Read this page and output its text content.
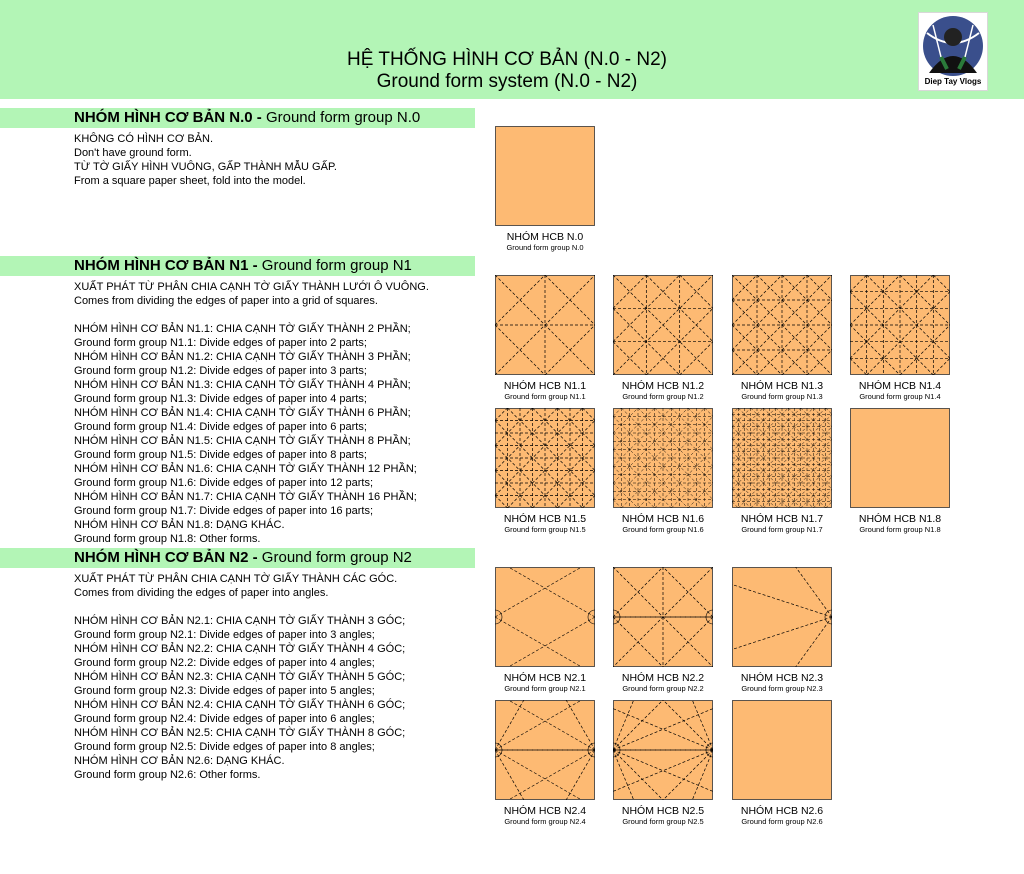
HỆ THỐNG HÌNH CƠ BẢN (N.0 - N2)
Ground form system (N.0 - N2)	Diep Tay Vlogs
NHÓM HÌNH CƠ BẢN N.0 - Ground form group N.0
KHÔNG CÓ HÌNH CƠ BẢN.
Don't have ground form.
TỪ TỜ GIẤY HÌNH VUÔNG, GẤP THÀNH MẪU GẤP.
From a square paper sheet, fold into the model.
NHÓM HÌNH CƠ BẢN N1 - Ground form group N1
XUẤT PHÁT TỪ PHÂN CHIA CẠNH TỜ GIẤY THÀNH LƯỚI Ô VUÔNG.
Comes from dividing the edges of paper into a grid of squares.
NHÓM HÌNH CƠ BẢN N1.1: CHIA CẠNH TỜ GIẤY THÀNH 2 PHẦN;
Ground form group N1.1: Divide edges of paper into 2 parts;
NHÓM HÌNH CƠ BẢN N1.2: CHIA CẠNH TỜ GIẤY THÀNH 3 PHẦN;
Ground form group N1.2: Divide edges of paper into 3 parts;
NHÓM HÌNH CƠ BẢN N1.3: CHIA CẠNH TỜ GIẤY THÀNH 4 PHẦN;
Ground form group N1.3: Divide edges of paper into 4 parts;
NHÓM HÌNH CƠ BẢN N1.4: CHIA CẠNH TỜ GIẤY THÀNH 6 PHẦN;
Ground form group N1.4: Divide edges of paper into 6 parts;
NHÓM HÌNH CƠ BẢN N1.5: CHIA CẠNH TỜ GIẤY THÀNH 8 PHẦN;
Ground form group N1.5: Divide edges of paper into 8 parts;
NHÓM HÌNH CƠ BẢN N1.6: CHIA CẠNH TỜ GIẤY THÀNH 12 PHẦN;
Ground form group N1.6: Divide edges of paper into 12 parts;
NHÓM HÌNH CƠ BẢN N1.7: CHIA CẠNH TỜ GIẤY THÀNH 16 PHẦN;
Ground form group N1.7: Divide edges of paper into 16 parts;
NHÓM HÌNH CƠ BẢN N1.8: DẠNG KHÁC.
Ground form group N1.8: Other forms.
NHÓM HÌNH CƠ BẢN N2 - Ground form group N2
XUẤT PHÁT TỪ PHÂN CHIA CẠNH TỜ GIẤY THÀNH CÁC GÓC.
Comes from dividing the edges of paper into angles.
NHÓM HÌNH CƠ BẢN N2.1: CHIA CẠNH TỜ GIẤY THÀNH 3 GÓC;
Ground form group N2.1: Divide edges of paper into 3 angles;
NHÓM HÌNH CƠ BẢN N2.2: CHIA CẠNH TỜ GIẤY THÀNH 4 GÓC;
Ground form group N2.2: Divide edges of paper into 4 angles;
NHÓM HÌNH CƠ BẢN N2.3: CHIA CẠNH TỜ GIẤY THÀNH 5 GÓC;
Ground form group N2.3: Divide edges of paper into 5 angles;
NHÓM HÌNH CƠ BẢN N2.4: CHIA CẠNH TỜ GIẤY THÀNH 6 GÓC;
Ground form group N2.4: Divide edges of paper into 6 angles;
NHÓM HÌNH CƠ BẢN N2.5: CHIA CẠNH TỜ GIẤY THÀNH 8 GÓC;
Ground form group N2.5: Divide edges of paper into 8 angles;
NHÓM HÌNH CƠ BẢN N2.6: DẠNG KHÁC.
Ground form group N2.6: Other forms.
NHÓM HCB N.0
Ground form group N.0
NHÓM HCB N1.1
Ground form group N1.1
NHÓM HCB N1.2
Ground form group N1.2
NHÓM HCB N1.3
Ground form group N1.3
NHÓM HCB N1.4
Ground form group N1.4
NHÓM HCB N1.5
Ground form group N1.5
NHÓM HCB N1.6
Ground form group N1.6
NHÓM HCB N1.7
Ground form group N1.7
NHÓM HCB N1.8
Ground form group N1.8
NHÓM HCB N2.1
Ground form group N2.1
NHÓM HCB N2.2
Ground form group N2.2
NHÓM HCB N2.3
Ground form group N2.3
NHÓM HCB N2.4
Ground form group N2.4
NHÓM HCB N2.5
Ground form group N2.5
NHÓM HCB N2.6
Ground form group N2.6
